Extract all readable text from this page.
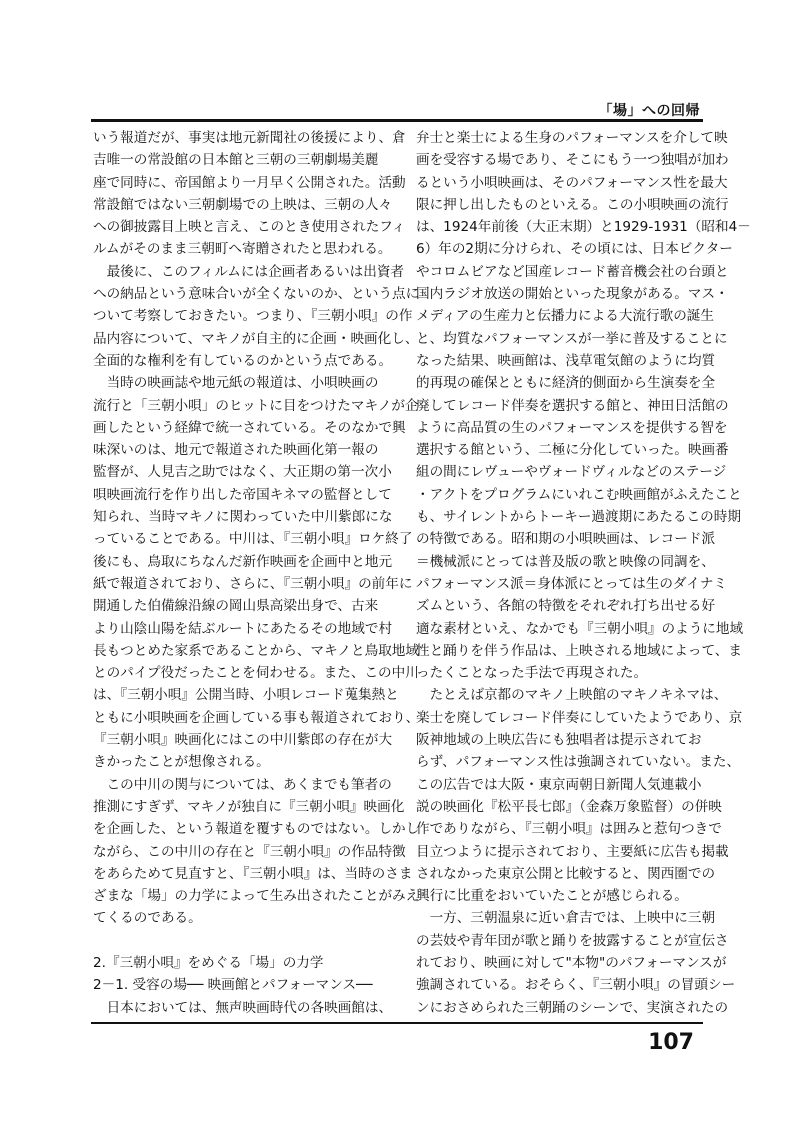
「場」への回帰
いう報道だが、事実は地元新聞社の後援により、倉
吉唯一の常設館の日本館と三朝の三朝劇場美麗
座で同時に、帝国館より一月早く公開された。活動
常設館ではない三朝劇場での上映は、三朝の人々
への御披露目上映と言え、このとき使用されたフィ
ルムがそのまま三朝町へ寄贈されたと思われる。
　最後に、このフィルムには企画者あるいは出資者
への納品という意味合いが全くないのか、という点に
ついて考察しておきたい。つまり、『三朝小唄』の作
品内容について、マキノが自主的に企画・映画化し、
全面的な権利を有しているのかという点である。
　当時の映画誌や地元紙の報道は、小唄映画の
流行と「三朝小唄」のヒットに目をつけたマキノが企
画したという経緯で統一されている。そのなかで興
味深いのは、地元で報道された映画化第一報の
監督が、人見吉之助ではなく、大正期の第一次小
唄映画流行を作り出した帝国キネマの監督として
知られ、当時マキノに関わっていた中川紫郎にな
っていることである。中川は、『三朝小唄』ロケ終了
後にも、鳥取にちなんだ新作映画を企画中と地元
紙で報道されており、さらに、『三朝小唄』の前年に
開通した伯備線沿線の岡山県高梁出身で、古来
より山陰山陽を結ぶルートにあたるその地域で村
長もつとめた家系であることから、マキノと鳥取地域
とのパイプ役だったことを伺わせる。また、この中川
は、『三朝小唄』公開当時、小唄レコード蒐集熱と
ともに小唄映画を企画している事も報道されており、
『三朝小唄』映画化にはこの中川紫郎の存在が大
きかったことが想像される。
　この中川の関与については、あくまでも筆者の
推測にすぎず、マキノが独自に『三朝小唄』映画化
を企画した、という報道を覆すものではない。しかし
ながら、この中川の存在と『三朝小唄』の作品特徴
をあらためて見直すと、『三朝小唄』は、当時のさま
ざまな「場」の力学によって生み出されたことがみえ
てくるのである。
2.『三朝小唄』をめぐる「場」の力学
2－1. 受容の場── 映画館とパフォーマンス──
　日本においては、無声映画時代の各映画館は、
弁士と楽士による生身のパフォーマンスを介して映
画を受容する場であり、そこにもう一つ独唱が加わ
るという小唄映画は、そのパフォーマンス性を最大
限に押し出したものといえる。この小唄映画の流行
は、1924年前後（大正末期）と1929-1931（昭和4－
6）年の2期に分けられ、その頃には、日本ビクター
やコロムビアなど国産レコード蓄音機会社の台頭と
国内ラジオ放送の開始といった現象がある。マス・
メディアの生産力と伝播力による大流行歌の誕生
と、均質なパフォーマンスが一挙に普及することに
なった結果、映画館は、浅草電気館のように均質
的再現の確保とともに経済的側面から生演奏を全
廃してレコード伴奏を選択する館と、神田日活館の
ように高品質の生のパフォーマンスを提供する智を
選択する館という、二極に分化していった。映画番
組の間にレヴューやヴォードヴィルなどのステージ
・アクトをプログラムにいれこむ映画館がふえたこと
も、サイレントからトーキー過渡期にあたるこの時期
の特徴である。昭和期の小唄映画は、レコード派
＝機械派にとっては普及版の歌と映像の同調を、
パフォーマンス派＝身体派にとっては生のダイナミ
ズムという、各館の特徴をそれぞれ打ち出せる好
適な素材といえ、なかでも『三朝小唄』のように地域
性と踊りを伴う作品は、上映される地域によって、ま
ったくことなった手法で再現された。
　たとえば京都のマキノ上映館のマキノキネマは、
楽士を廃してレコード伴奏にしていたようであり、京
阪神地域の上映広告にも独唱者は提示されてお
らず、パフォーマンス性は強調されていない。また、
この広告では大阪・東京両朝日新聞人気連載小
説の映画化『松平長七郎』（金森万象監督）の併映
作でありながら、『三朝小唄』は囲みと惹句つきで
目立つように提示されており、主要紙に広告も掲載
されなかった東京公開と比較すると、関西圏での
興行に比重をおいていたことが感じられる。
　一方、三朝温泉に近い倉吉では、上映中に三朝
の芸妓や青年団が歌と踊りを披露することが宣伝さ
れており、映画に対して"本物"のパフォーマンスが
強調されている。おそらく、『三朝小唄』の冒頭シー
ンにおさめられた三朝踊のシーンで、実演されたの
107
